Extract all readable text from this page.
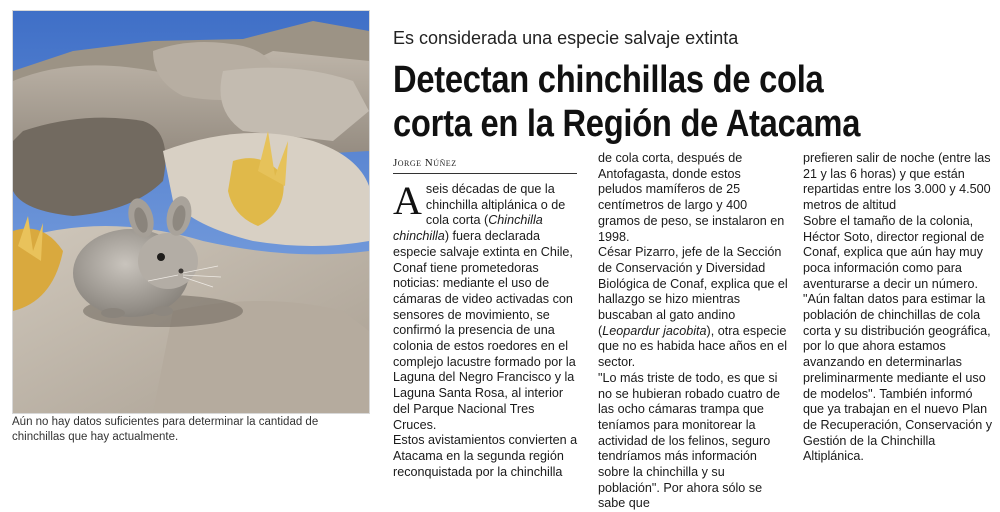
Aún no hay datos suficientes para determinar la cantidad de chinchillas que hay actualmente.
Es considerada una especie salvaje extinta
Detectan chinchillas de cola corta en la Región de Atacama
Jorge Núñez

Aseis décadas de que la chinchilla altiplánica o de cola corta (Chinchilla chinchilla) fuera declarada especie salvaje extinta en Chile, Conaf tiene prometedoras noticias: mediante el uso de cámaras de video activadas con sensores de movimiento, se confirmó la presencia de una colonia de estos roedores en el complejo lacustre formado por la Laguna del Negro Francisco y la Laguna Santa Rosa, al interior del Parque Nacional Tres Cruces.

Estos avistamientos convierten a Atacama en la segunda región reconquistada por la chinchilla

de cola corta, después de Antofagasta, donde estos peludos mamíferos de 25 centímetros de largo y 400 gramos de peso, se instalaron en 1998.

César Pizarro, jefe de la Sección de Conservación y Diversidad Biológica de Conaf, explica que el hallazgo se hizo mientras buscaban al gato andino (Leopardur jacobita), otra especie que no es habida hace años en el sector.

"Lo más triste de todo, es que si no se hubieran robado cuatro de las ocho cámaras trampa que teníamos para monitorear la actividad de los felinos, seguro tendríamos más información sobre la chinchilla y su población". Por ahora sólo se sabe que

prefieren salir de noche (entre las 21 y las 6 horas) y que están repartidas entre los 3.000 y 4.500 metros de altitud

Sobre el tamaño de la colonia, Héctor Soto, director regional de Conaf, explica que aún hay muy poca información como para aventurarse a decir un número.

"Aún faltan datos para estimar la población de chinchillas de cola corta y su distribución geográfica, por lo que ahora estamos avanzando en determinarlas preliminarmente mediante el uso de modelos". También informó que ya trabajan en el nuevo Plan de Recuperación, Conservación y Gestión de la Chinchilla Altiplánica.
